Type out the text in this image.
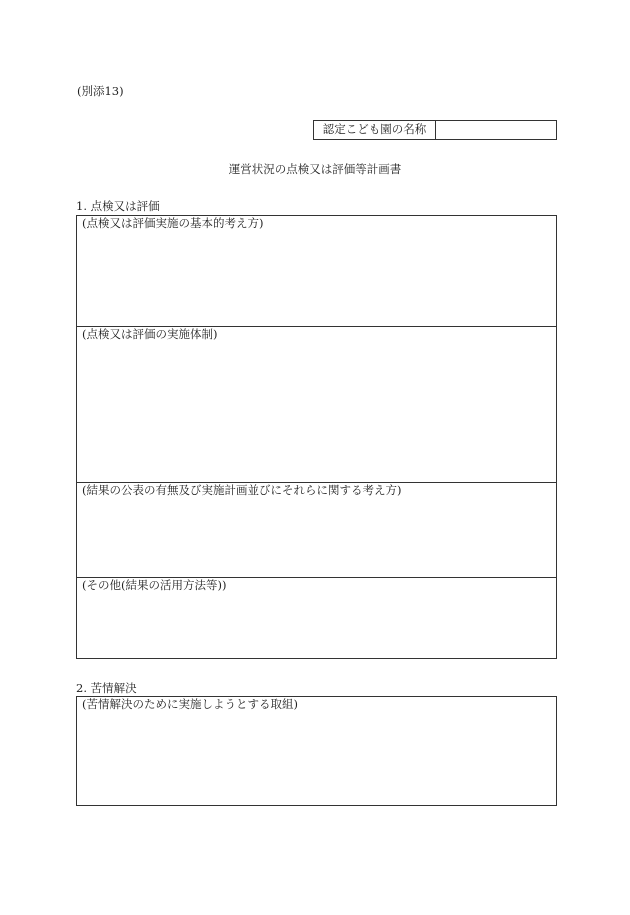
(別添13)
認定こども園の名称
運営状況の点検又は評価等計画書
1. 点検又は評価
(点検又は評価実施の基本的考え方)
(点検又は評価の実施体制)
(結果の公表の有無及び実施計画並びにそれらに関する考え方)
(その他(結果の活用方法等))
2. 苦情解決
(苦情解決のために実施しようとする取組)
